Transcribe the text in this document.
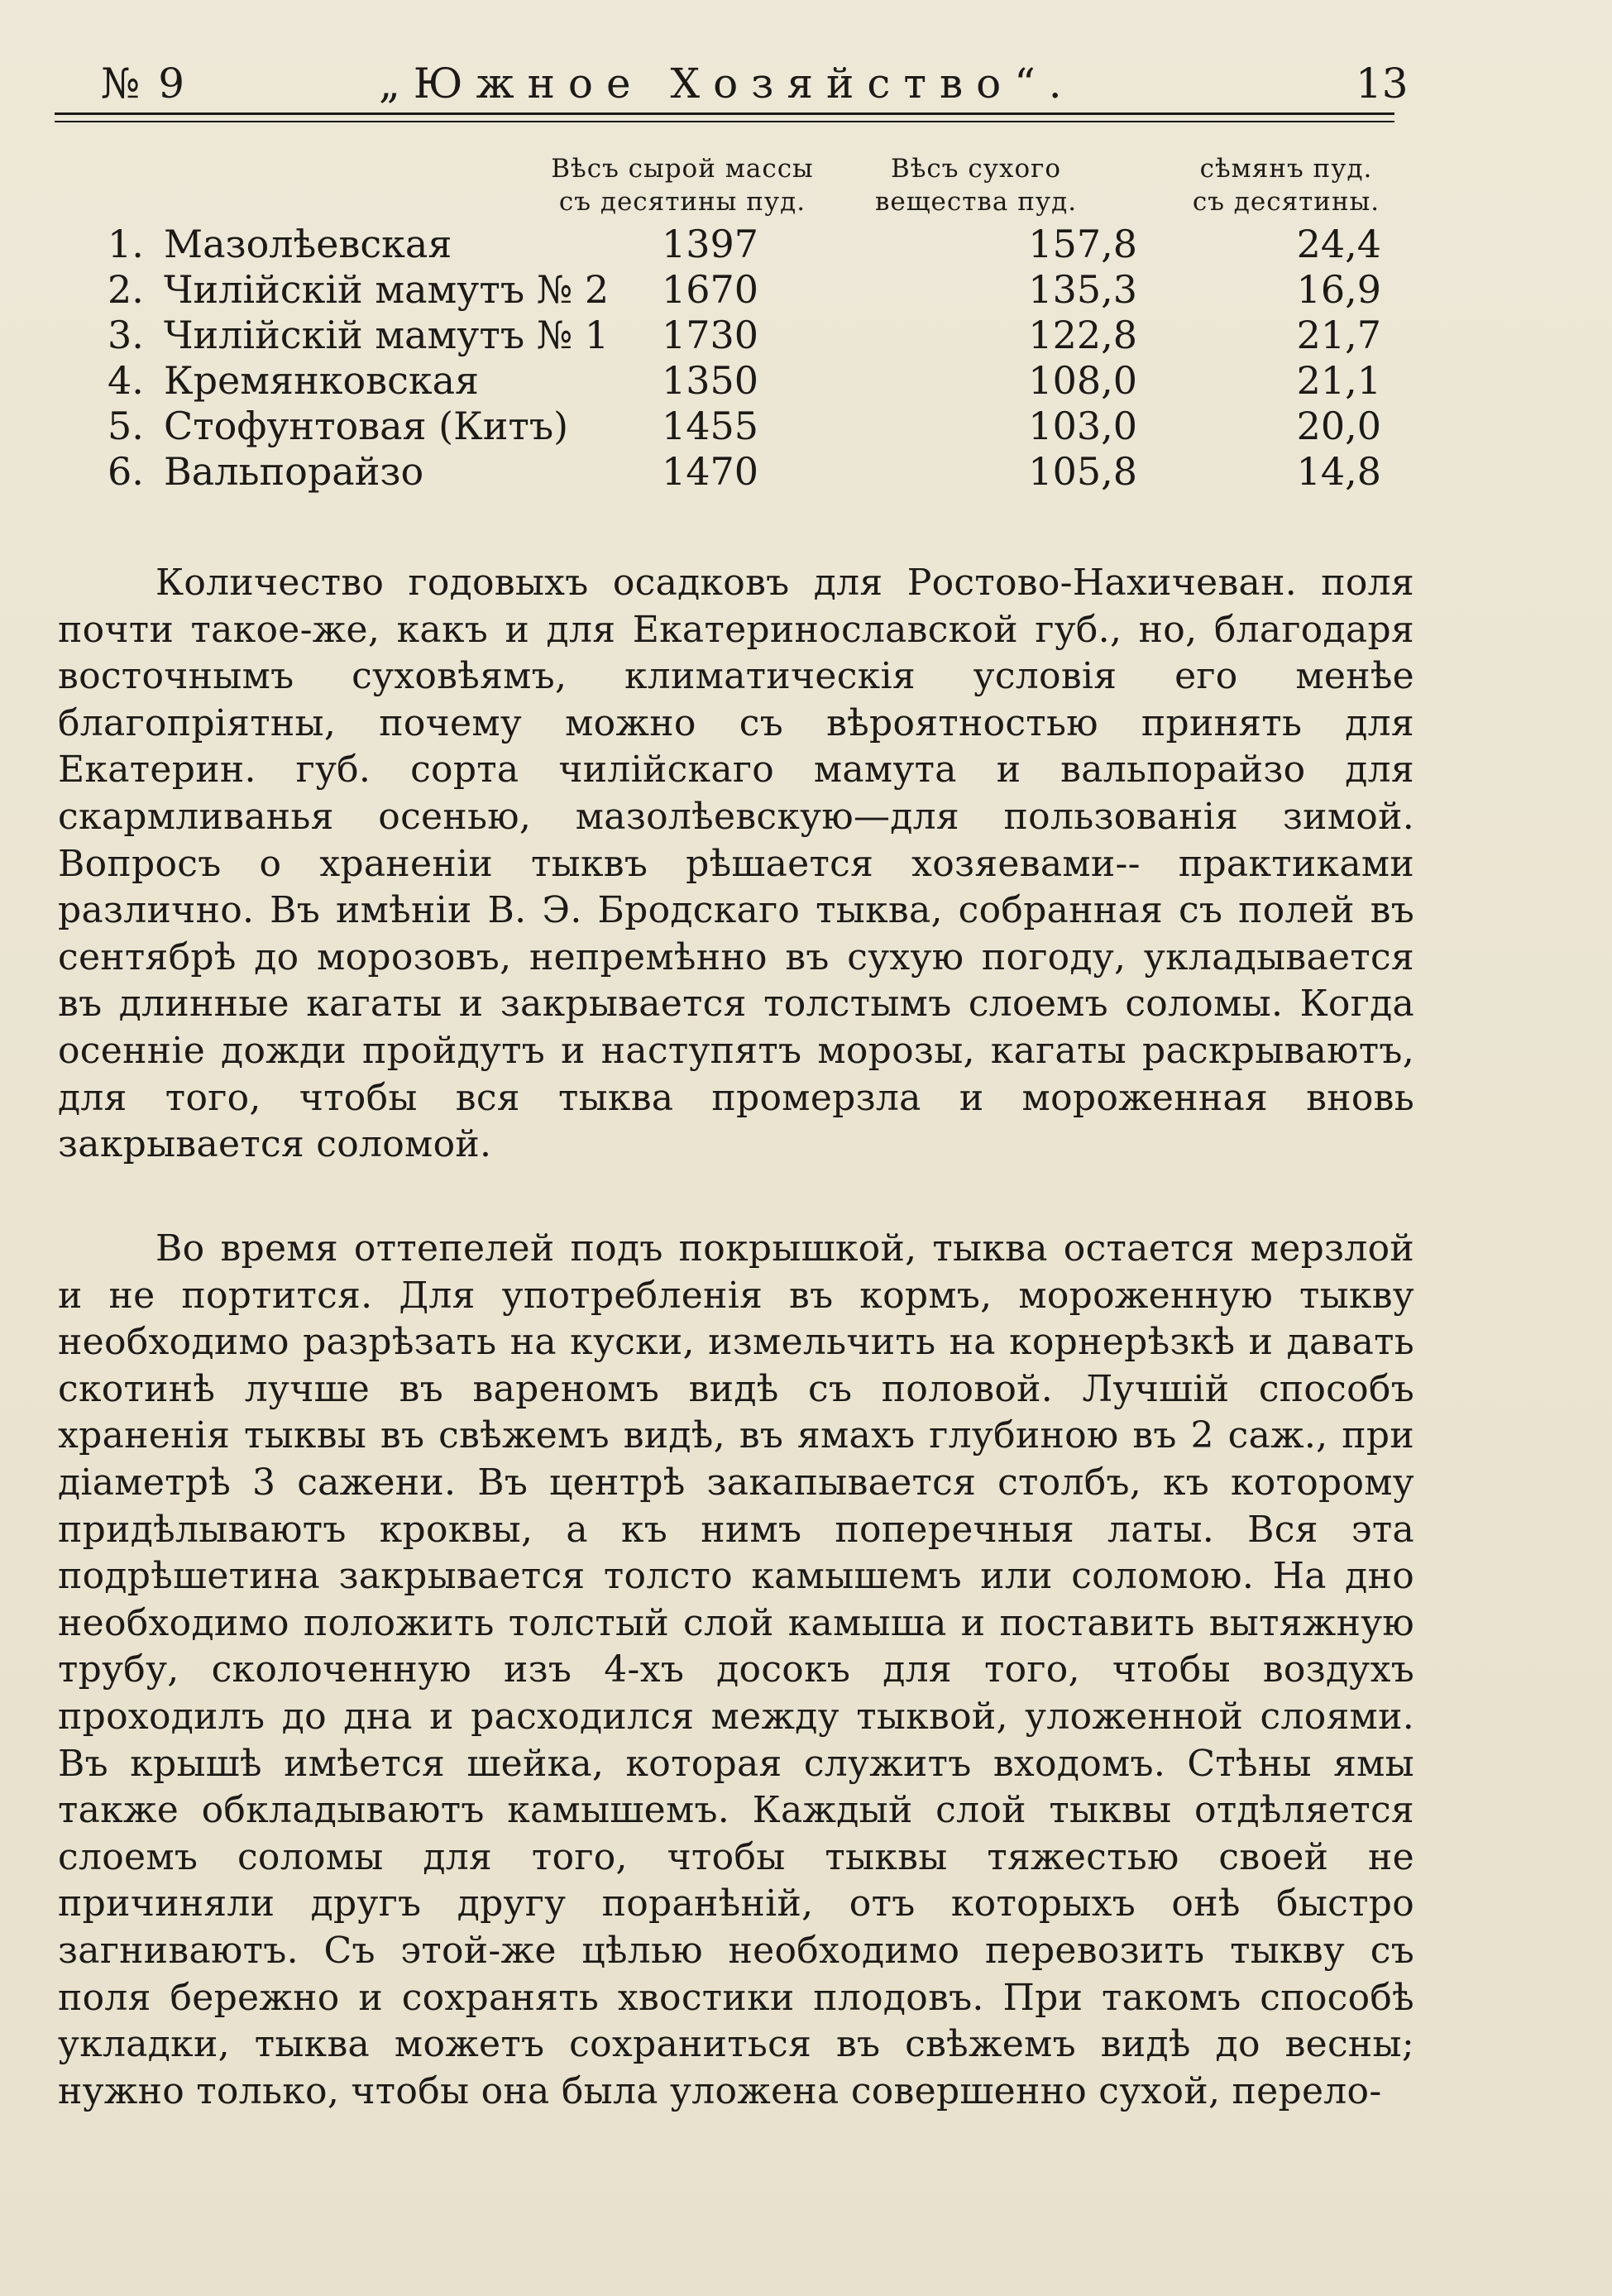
№ 9	„Южное Хозяйство“.	13
Вѣсъ сырой массы
съ десятины пуд.
Вѣсъ сухого
вещества пуд.
сѣмянъ пуд.
съ десятины.
1. Мазолѣевская	1397	157,8	24,4
2. Чилiйскiй мамутъ № 2 1670	135,3	16,9
3. Чилiйскiй мамутъ № 1 1730	122,8	21,7
4. Кремянковская	1350	108,0	21,1
5. Стофунтовая (Китъ) 1455	103,0	20,0
6. Вальпорайзо	1470	105,8	14,8

Количество годовыхъ осадковъ для Ростово-Нахичеван. поля почти такое-же, какъ и для Екатеринославской губ., но, благодаря восточнымъ суховѣямъ, климатическiя условiя его менѣе благопрiятны, почему можно съ вѣроятностью принять для Екатерин. губ. сорта чилiйскаго мамута и вальпорайзо для скармливанья осенью, мазолѣевскую—для пользованiя зимой. Вопросъ о храненiи тыквъ рѣшается хозяевами-- практиками различно. Въ имѣнiи В. Э. Бродскаго тыква, собранная съ полей въ сентябрѣ до морозовъ, непремѣнно въ сухую погоду, укладывается въ длинные кагаты и закрывается толстымъ слоемъ соломы. Когда осеннiе дожди пройдутъ и наступятъ морозы, кагаты раскрываютъ, для того, чтобы вся тыква промерзла и мороженная вновь закрывается соломой.

Во время оттепелей подъ покрышкой, тыква остается мерзлой и не портится. Для употребленiя въ кормъ, мороженную тыкву необходимо разрѣзать на куски, измельчить на корнерѣзкѣ и давать скотинѣ лучше въ вареномъ видѣ съ половой. Лучшiй способъ храненiя тыквы въ свѣжемъ видѣ, въ ямахъ глубиною въ 2 саж., при дiаметрѣ 3 сажени. Въ центрѣ закапывается столбъ, къ которому придѣлываютъ кроквы, а къ нимъ поперечныя латы. Вся эта подрѣшетина закрывается толсто камышемъ или соломою. На дно необходимо положить толстый слой камыша и поставить вытяжную трубу, сколоченную изъ 4-хъ досокъ для того, чтобы воздухъ проходилъ до дна и расходился между тыквой, уложенной слоями. Въ крышѣ имѣется шейка, которая служитъ входомъ. Стѣны ямы также обкладываютъ камышемъ. Каждый слой тыквы отдѣляется слоемъ соломы для того, чтобы тыквы тяжестью своей не причиняли другъ другу поранѣнiй, отъ которыхъ онѣ быстро загниваютъ. Съ этой-же цѣлью необходимо перевозить тыкву съ поля бережно и сохранять хвостики плодовъ. При такомъ способѣ укладки, тыква можетъ сохраниться въ свѣжемъ видѣ до весны; нужно только, чтобы она была уложена совершенно сухой, перело-
